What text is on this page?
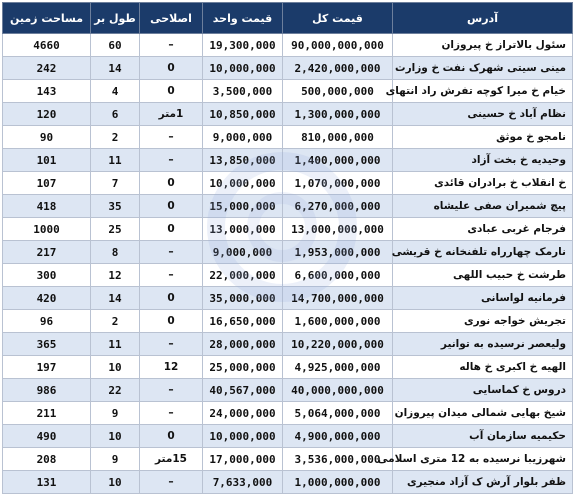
آدرس	قیمت کل	قیمت واحد	اصلاحی	طول بر	مساحت زمین
سئول بالاتراز خ پیروزان	90,000,000,000	19,300,000	–	60	4660
مینی سیتی شهرک نفت خ وزارت	2,420,000,000	10,000,000	0	14	242
خیام خ میرا کوچه تفرش راد انتهای	500,000,000	3,500,000	0	4	143
نظام آباد خ حسینی	1,300,000,000	10,850,000	1متر	6	120
نامجو خ موثق	810,000,000	9,000,000	–	2	90
وحیدیه خ بخت آزاد	1,400,000,000	13,850,000	–	11	101
خ انقلاب خ برادران قائدی	1,070,000,000	10,000,000	0	7	107
پیچ شمیران صفی علیشاه	6,270,000,000	15,000,000	0	35	418
فرجام غربی عبادی	13,000,000,000	13,000,000	0	25	1000
نارمک چهارراه تلفنخانه خ قریشی	1,953,000,000	9,000,000	–	8	217
طرشت خ حبیب اللهی	6,600,000,000	22,000,000	–	12	300
فرمانیه لواسانی	14,700,000,000	35,000,000	0	14	420
تجریش خواجه نوری	1,600,000,000	16,650,000	0	2	96
ولیعصر نرسیده به توانیر	10,220,000,000	28,000,000	–	11	365
الهیه خ اکبری خ هاله	4,925,000,000	25,000,000	12	10	197
دروس خ کماسایی	40,000,000,000	40,567,000	–	22	986
شیخ بهایی شمالی میدان پیروزان	5,064,000,000	24,000,000	–	9	211
حکیمیه سازمان آب	4,900,000,000	10,000,000	0	10	490
شهرزیبا نرسیده به 12 متری اسلامی	3,536,000,000	17,000,000	15متر	9	208
ظفر بلوار آرش ک آزاد منجیری	1,000,000,000	7,633,000	–	10	131
